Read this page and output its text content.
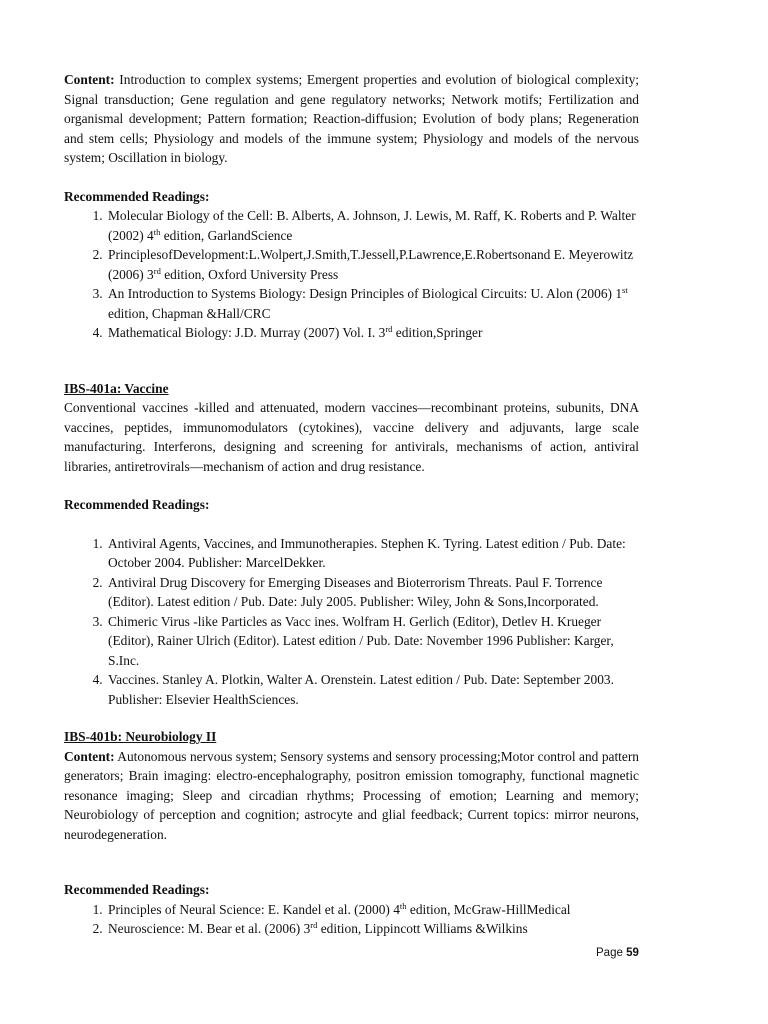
Content: Introduction to complex systems; Emergent properties and evolution of biological complexity; Signal transduction; Gene regulation and gene regulatory networks; Network motifs; Fertilization and organismal development; Pattern formation; Reaction-diffusion; Evolution of body plans; Regeneration and stem cells; Physiology and models of the immune system; Physiology and models of the nervous system; Oscillation in biology.

Recommended Readings:
1. Molecular Biology of the Cell: B. Alberts, A. Johnson, J. Lewis, M. Raff, K. Roberts and P. Walter (2002) 4th edition, GarlandScience
2. PrinciplesofDevelopment:L.Wolpert,J.Smith,T.Jessell,P.Lawrence,E.Robertsonand E. Meyerowitz (2006) 3rd edition, Oxford University Press
3. An Introduction to Systems Biology: Design Principles of Biological Circuits: U. Alon (2006) 1st edition, Chapman &Hall/CRC
4. Mathematical Biology: J.D. Murray (2007) Vol. I. 3rd edition,Springer
IBS-401a: Vaccine

Conventional vaccines -killed and attenuated, modern vaccines—recombinant proteins, subunits, DNA vaccines, peptides, immunomodulators (cytokines), vaccine delivery and adjuvants, large scale manufacturing. Interferons, designing and screening for antivirals, mechanisms of action, antiviral libraries, antiretrovirals—mechanism of action and drug resistance.

Recommended Readings:
1. Antiviral Agents, Vaccines, and Immunotherapies. Stephen K. Tyring. Latest edition / Pub. Date: October 2004. Publisher: MarcelDekker.
2. Antiviral Drug Discovery for Emerging Diseases and Bioterrorism Threats. Paul F. Torrence (Editor). Latest edition / Pub. Date: July 2005. Publisher: Wiley, John & Sons,Incorporated.
3. Chimeric Virus -like Particles as Vacc ines. Wolfram H. Gerlich (Editor), Detlev H. Krueger (Editor), Rainer Ulrich (Editor). Latest edition / Pub. Date: November 1996 Publisher: Karger, S.Inc.
4. Vaccines. Stanley A. Plotkin, Walter A. Orenstein. Latest edition / Pub. Date: September 2003. Publisher: Elsevier HealthSciences.
IBS-401b: Neurobiology II

Content: Autonomous nervous system; Sensory systems and sensory processing;Motor control and pattern generators; Brain imaging: electro-encephalography, positron emission tomography, functional magnetic resonance imaging; Sleep and circadian rhythms; Processing of emotion; Learning and memory; Neurobiology of perception and cognition; astrocyte and glial feedback; Current topics: mirror neurons, neurodegeneration.

Recommended Readings:
1. Principles of Neural Science: E. Kandel et al. (2000) 4th edition, McGraw-HillMedical
2. Neuroscience: M. Bear et al. (2006) 3rd edition, Lippincott Williams &Wilkins
Page 59
